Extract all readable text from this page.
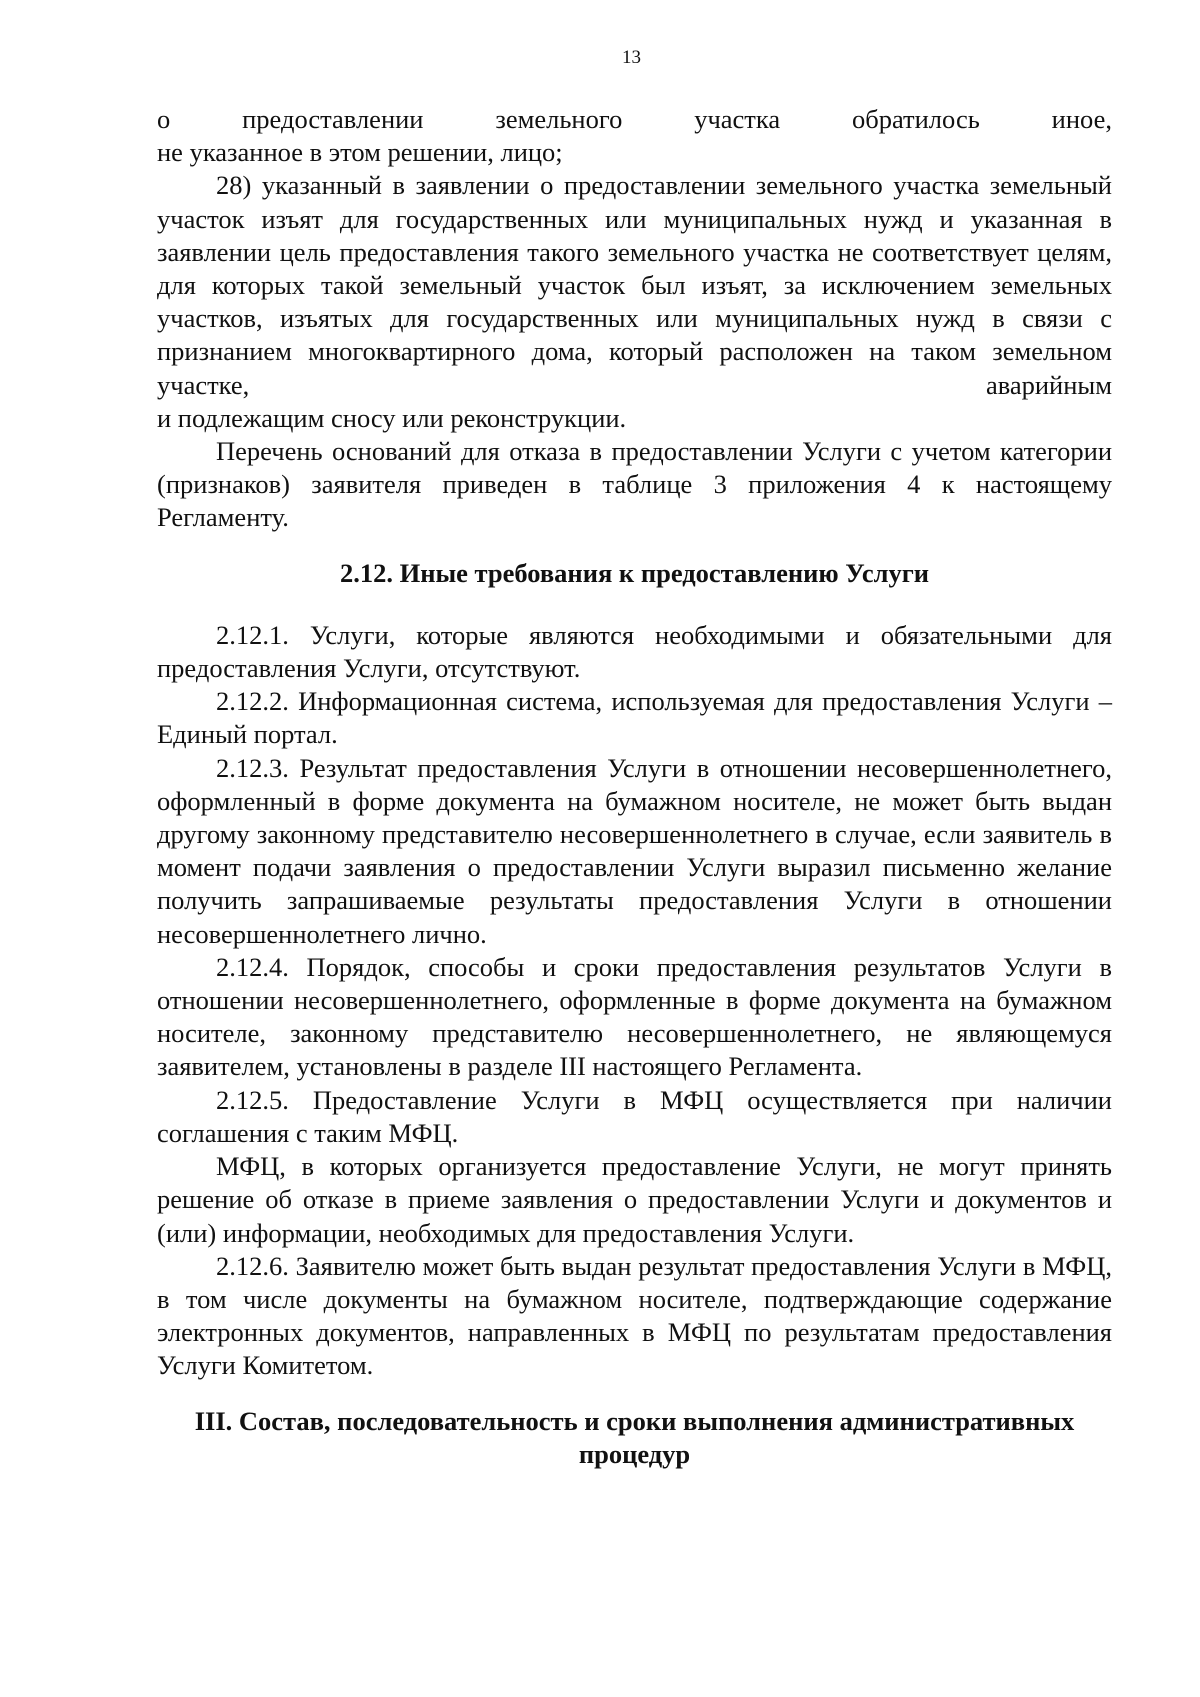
13

о предоставлении земельного участка обратилось иное,

не указанное в этом решении, лицо;

28) указанный в заявлении о предоставлении земельного участка земельный участок изъят для государственных или муниципальных нужд и указанная в заявлении цель предоставления такого земельного участка не соответствует целям, для которых такой земельный участок был изъят, за исключением земельных участков, изъятых для государственных или муниципальных нужд в связи с признанием многоквартирного дома, который расположен на таком земельном участке, аварийным

и подлежащим сносу или реконструкции.

Перечень оснований для отказа в предоставлении Услуги с учетом категории (признаков) заявителя приведен в таблице 3 приложения 4 к настоящему Регламенту.

2.12. Иные требования к предоставлению Услуги

2.12.1. Услуги, которые являются необходимыми и обязательными для предоставления Услуги, отсутствуют.

2.12.2. Информационная система, используемая для предоставления Услуги – Единый портал.

2.12.3. Результат предоставления Услуги в отношении несовершеннолетнего, оформленный в форме документа на бумажном носителе, не может быть выдан другому законному представителю несовершеннолетнего в случае, если заявитель в момент подачи заявления о предоставлении Услуги выразил письменно желание получить запрашиваемые результаты предоставления Услуги в отношении несовершеннолетнего лично.

2.12.4. Порядок, способы и сроки предоставления результатов Услуги в отношении несовершеннолетнего, оформленные в форме документа на бумажном носителе, законному представителю несовершеннолетнего, не являющемуся заявителем, установлены в разделе III настоящего Регламента.

2.12.5. Предоставление Услуги в МФЦ осуществляется при наличии соглашения с таким МФЦ.

МФЦ, в которых организуется предоставление Услуги, не могут принять решение об отказе в приеме заявления о предоставлении Услуги и документов и (или) информации, необходимых для предоставления Услуги.

2.12.6. Заявителю может быть выдан результат предоставления Услуги в МФЦ, в том числе документы на бумажном носителе, подтверждающие содержание электронных документов, направленных в МФЦ по результатам предоставления Услуги Комитетом.

III. Состав, последовательность и сроки выполнения административных процедур
